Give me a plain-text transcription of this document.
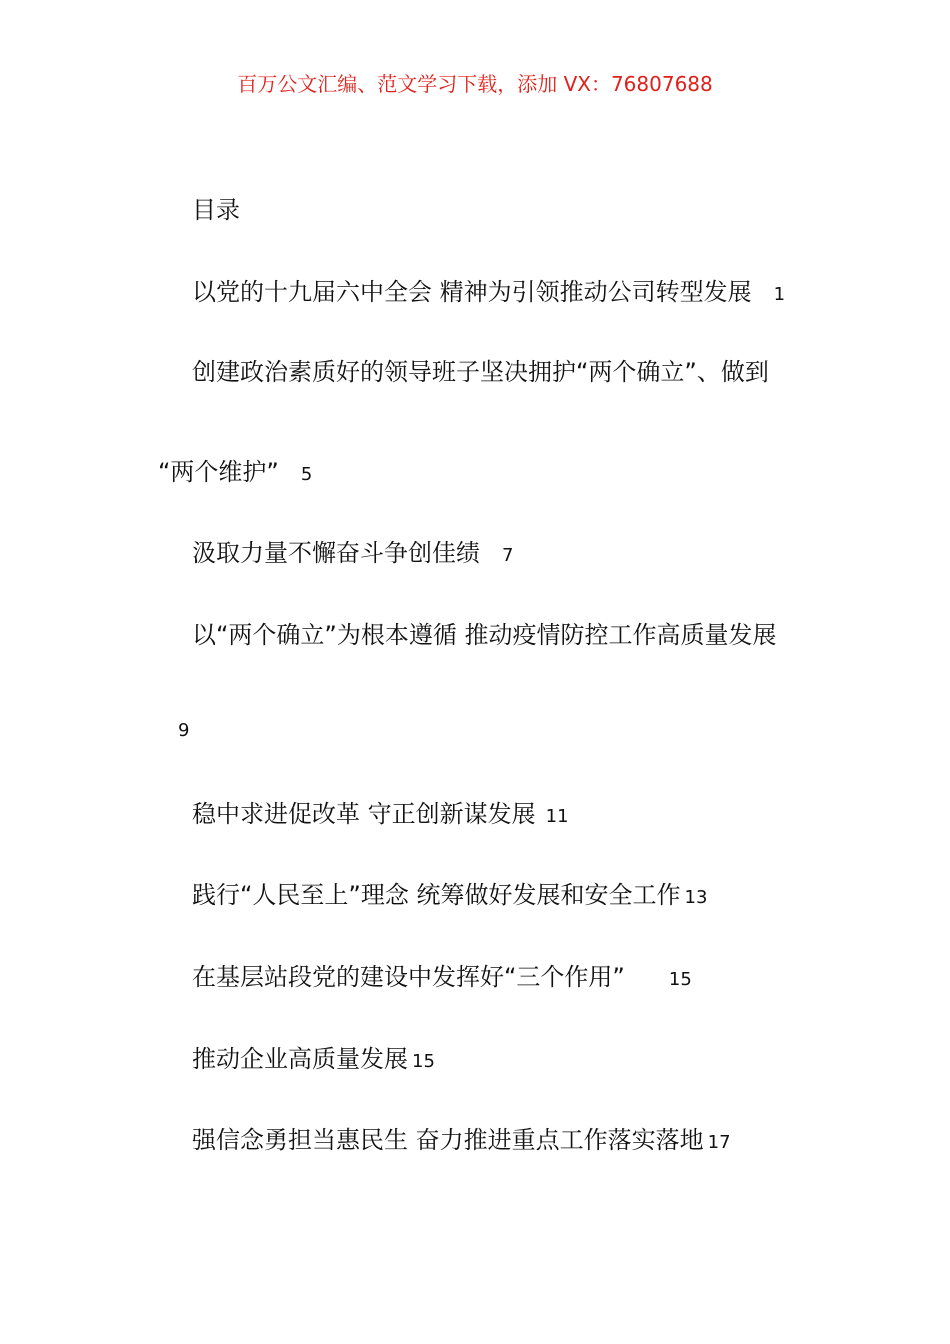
百万公文汇编、范文学习下载，添加 VX：76807688
目录
以党的十九届六中全会 精神为引领推动公司转型发展 1
创建政治素质好的领导班子坚决拥护“两个确立”、做到
“两个维护” 5
汲取力量不懈奋斗争创佳绩 7
以“两个确立”为根本遵循 推动疫情防控工作高质量发展
9
稳中求进促改革 守正创新谋发展 11
践行“人民至上”理念 统筹做好发展和安全工作 13
在基层站段党的建设中发挥好“三个作用” 15
推动企业高质量发展 15
强信念勇担当惠民生 奋力推进重点工作落实落地 17
